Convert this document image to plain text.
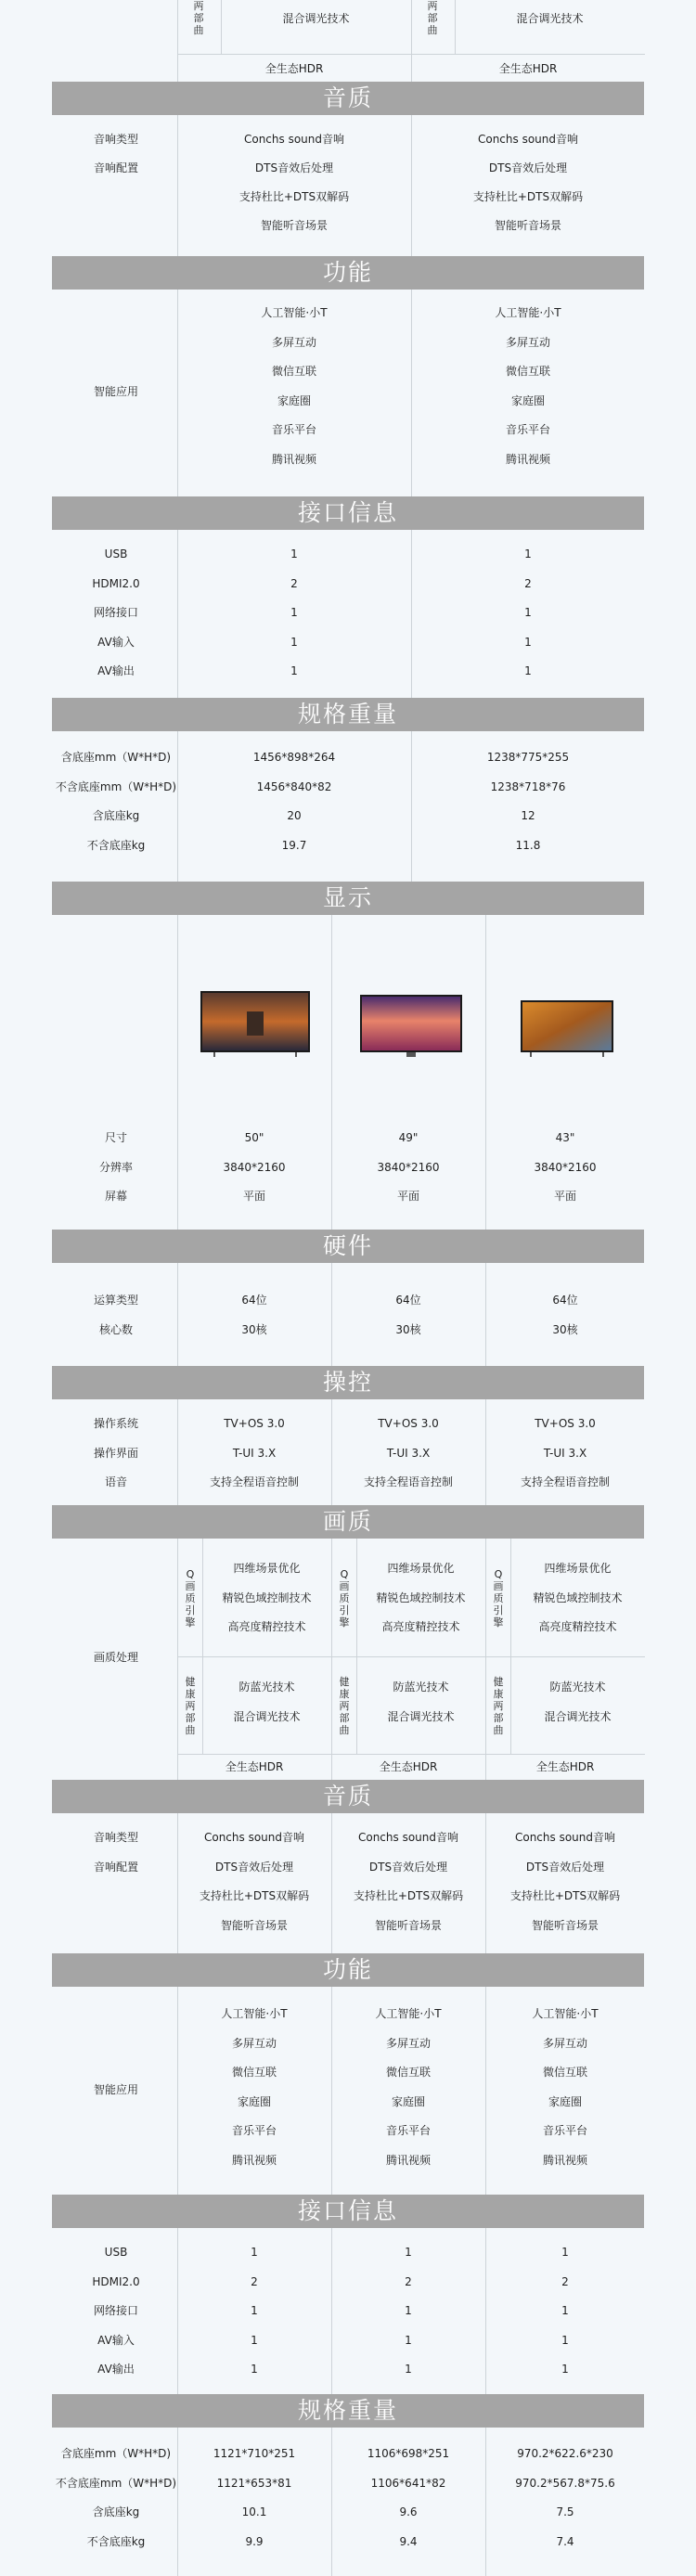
两部曲
混合调光技术
两部曲
混合调光技术
全生态HDR	全生态HDR
音质
Conchs sound音响
DTS音效后处理
支持杜比+DTS双解码
智能听音场景
Conchs sound音响
DTS音效后处理
支持杜比+DTS双解码
智能听音场景
音响类型
音响配置
功能
人工智能·小T
多屏互动
微信互联
家庭圈
音乐平台
腾讯视频
人工智能·小T
多屏互动
微信互联
家庭圈
音乐平台
腾讯视频
智能应用
接口信息
1
2
1
1
1
1
2
1
1
1
USB
HDMI2.0
网络接口
AV输入
AV输出
规格重量
1456*898*264
1456*840*82
20
19.7
1238*775*255
1238*718*76
12
11.8
含底座mm（W*H*D)
不含底座mm（W*H*D)
含底座kg
不含底座kg
显示
50"
3840*2160
平面
49"
3840*2160
平面
43"
3840*2160
平面
尺寸
分辨率
屏幕
硬件
64位
30核
64位
30核
64位
30核
运算类型
核心数
操控
TV+OS 3.0
T-UI 3.X
支持全程语音控制
TV+OS 3.0
T-UI 3.X
支持全程语音控制
TV+OS 3.0
T-UI 3.X
支持全程语音控制
操作系统
操作界面
语音
画质
画质处理
Q画质引擎
健康两部曲
四维场景优化
精锐色域控制技术
高亮度精控技术
防蓝光技术
混合调光技术
全生态HDR
Q画质引擎
健康两部曲
四维场景优化
精锐色域控制技术
高亮度精控技术
防蓝光技术
混合调光技术
全生态HDR
Q画质引擎
健康两部曲
四维场景优化
精锐色域控制技术
高亮度精控技术
防蓝光技术
混合调光技术
全生态HDR
音质
Conchs sound音响
DTS音效后处理
支持杜比+DTS双解码
智能听音场景
Conchs sound音响
DTS音效后处理
支持杜比+DTS双解码
智能听音场景
Conchs sound音响
DTS音效后处理
支持杜比+DTS双解码
智能听音场景
音响类型
音响配置
功能
人工智能·小T
多屏互动
微信互联
家庭圈
音乐平台
腾讯视频
人工智能·小T
多屏互动
微信互联
家庭圈
音乐平台
腾讯视频
人工智能·小T
多屏互动
微信互联
家庭圈
音乐平台
腾讯视频
智能应用
接口信息
1
2
1
1
1
1
2
1
1
1
1
2
1
1
1
USB
HDMI2.0
网络接口
AV输入
AV输出
规格重量
1121*710*251
1121*653*81
10.1
9.9
1106*698*251
1106*641*82
9.6
9.4
970.2*622.6*230
970.2*567.8*75.6
7.5
7.4
含底座mm（W*H*D)
不含底座mm（W*H*D)
含底座kg
不含底座kg
